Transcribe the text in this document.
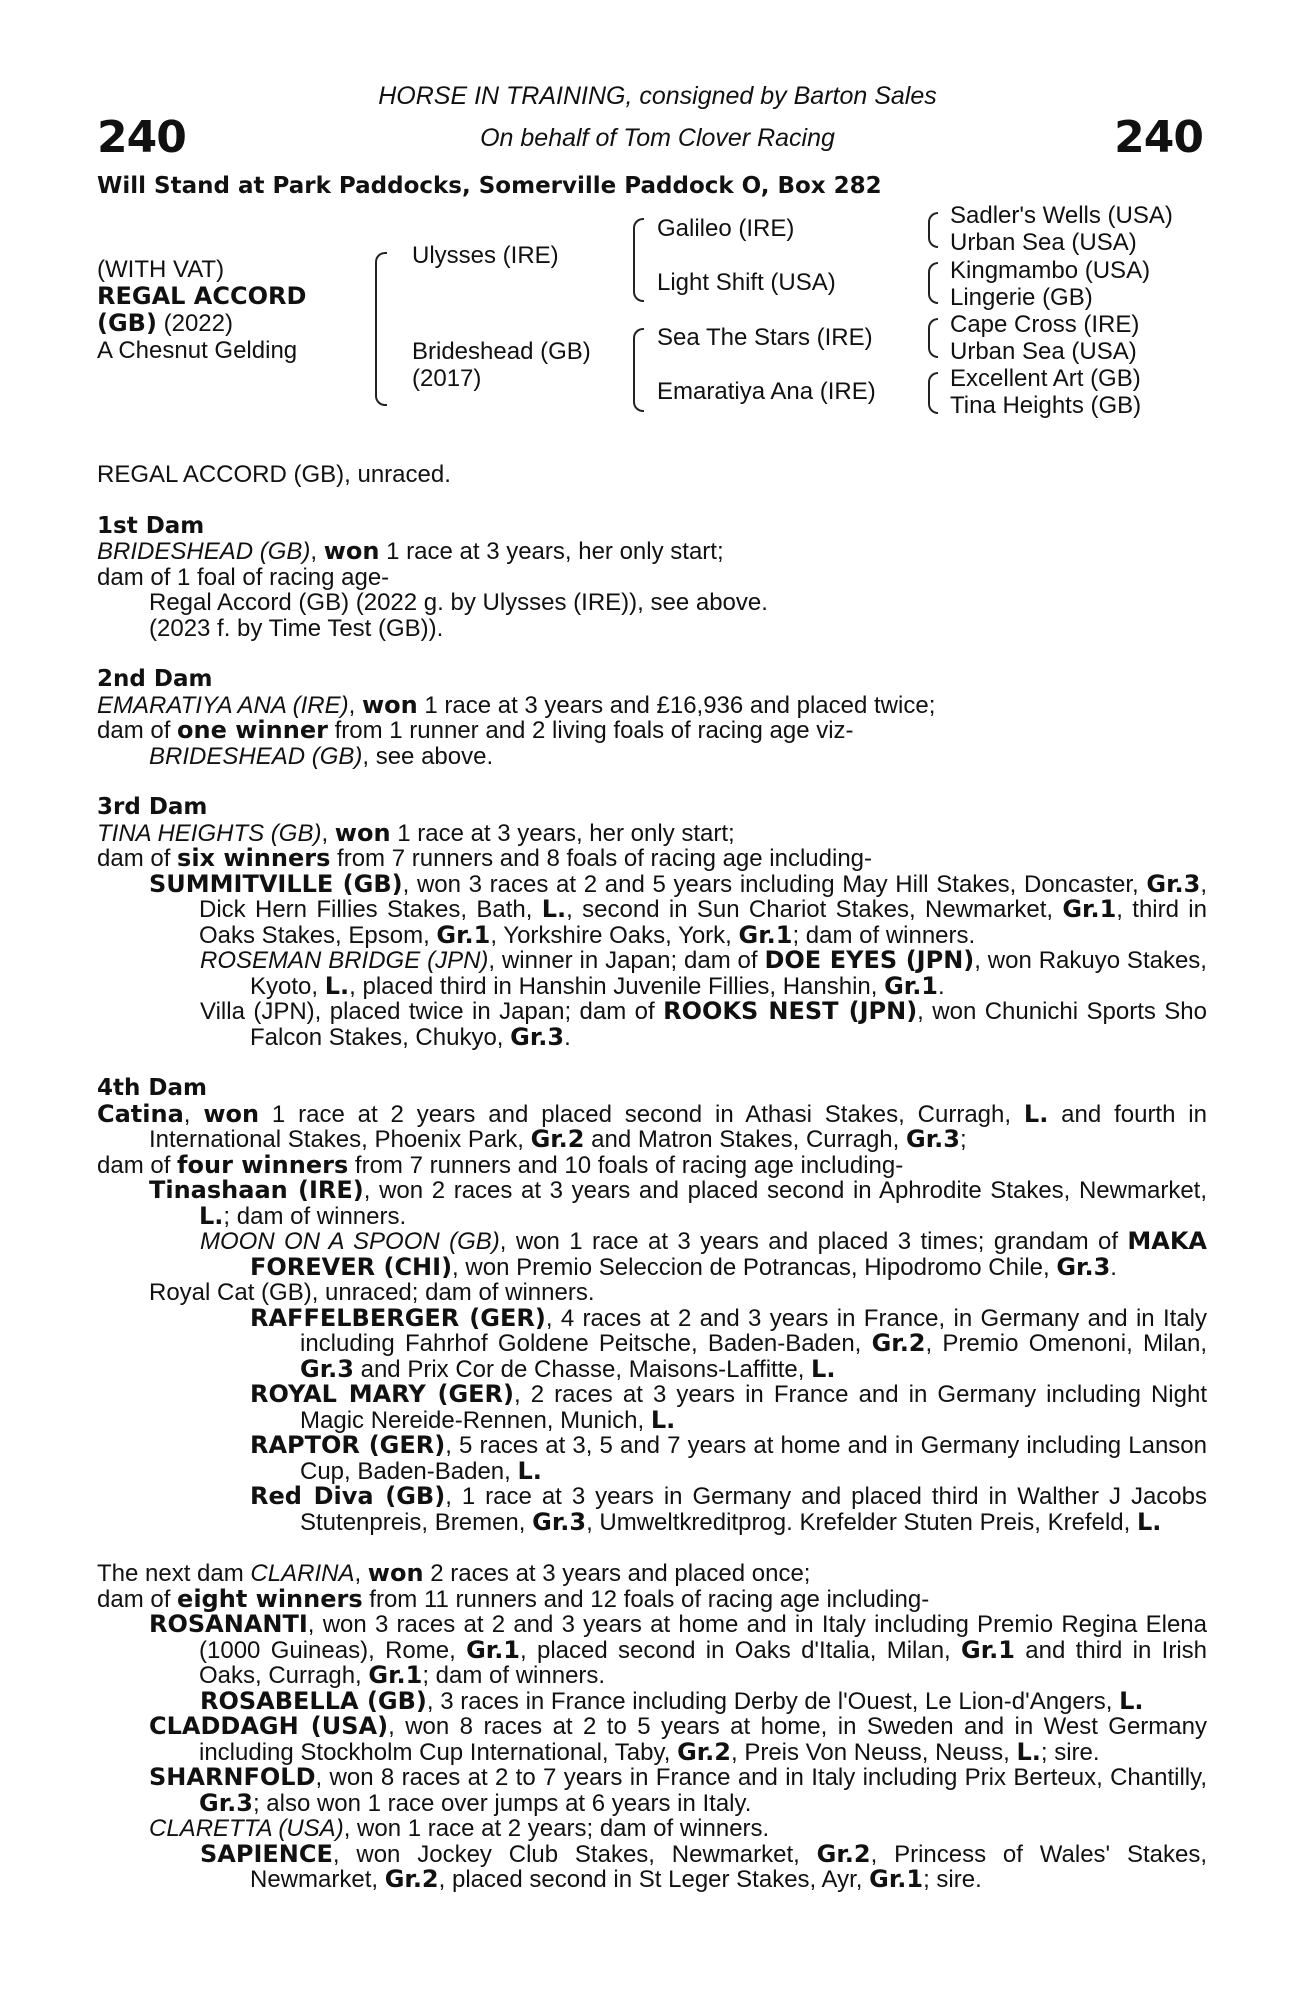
HORSE IN TRAINING, consigned by Barton Sales
On behalf of Tom Clover Racing
240	240
Will Stand at Park Paddocks, Somerville Paddock O, Box 282
(WITH VAT)
REGAL ACCORD
(GB) (2022)
A Chesnut Gelding
Ulysses (IRE)
Brideshead (GB)
(2017)
Galileo (IRE)
Light Shift (USA)
Sea The Stars (IRE)
Emaratiya Ana (IRE)
Sadler's Wells (USA)
Urban Sea (USA)
Kingmambo (USA)
Lingerie (GB)
Cape Cross (IRE)
Urban Sea (USA)
Excellent Art (GB)
Tina Heights (GB)

REGAL ACCORD (GB), unraced.

1st Dam

BRIDESHEAD (GB), won 1 race at 3 years, her only start;

dam of 1 foal of racing age-

Regal Accord (GB) (2022 g. by Ulysses (IRE)), see above.

(2023 f. by Time Test (GB)).

2nd Dam

EMARATIYA ANA (IRE), won 1 race at 3 years and £16,936 and placed twice;

dam of one winner from 1 runner and 2 living foals of racing age viz-

BRIDESHEAD (GB), see above.

3rd Dam

TINA HEIGHTS (GB), won 1 race at 3 years, her only start;

dam of six winners from 7 runners and 8 foals of racing age including-

SUMMITVILLE (GB), won 3 races at 2 and 5 years including May Hill Stakes, Doncaster, Gr.3, Dick Hern Fillies Stakes, Bath, L., second in Sun Chariot Stakes, Newmarket, Gr.1, third in Oaks Stakes, Epsom, Gr.1, Yorkshire Oaks, York, Gr.1; dam of winners.

ROSEMAN BRIDGE (JPN), winner in Japan; dam of DOE EYES (JPN), won Rakuyo Stakes, Kyoto, L., placed third in Hanshin Juvenile Fillies, Hanshin, Gr.1.

Villa (JPN), placed twice in Japan; dam of ROOKS NEST (JPN), won Chunichi Sports Sho Falcon Stakes, Chukyo, Gr.3.

4th Dam

Catina, won 1 race at 2 years and placed second in Athasi Stakes, Curragh, L. and fourth in International Stakes, Phoenix Park, Gr.2 and Matron Stakes, Curragh, Gr.3;

dam of four winners from 7 runners and 10 foals of racing age including-

Tinashaan (IRE), won 2 races at 3 years and placed second in Aphrodite Stakes, Newmarket, L.; dam of winners.

MOON ON A SPOON (GB), won 1 race at 3 years and placed 3 times; grandam of MAKA FOREVER (CHI), won Premio Seleccion de Potrancas, Hipodromo Chile, Gr.3.

Royal Cat (GB), unraced; dam of winners.

RAFFELBERGER (GER), 4 races at 2 and 3 years in France, in Germany and in Italy including Fahrhof Goldene Peitsche, Baden-Baden, Gr.2, Premio Omenoni, Milan, Gr.3 and Prix Cor de Chasse, Maisons-Laffitte, L.

ROYAL MARY (GER), 2 races at 3 years in France and in Germany including Night Magic Nereide-Rennen, Munich, L.

RAPTOR (GER), 5 races at 3, 5 and 7 years at home and in Germany including Lanson Cup, Baden-Baden, L.

Red Diva (GB), 1 race at 3 years in Germany and placed third in Walther J Jacobs Stutenpreis, Bremen, Gr.3, Umweltkreditprog. Krefelder Stuten Preis, Krefeld, L.

The next dam CLARINA, won 2 races at 3 years and placed once;

dam of eight winners from 11 runners and 12 foals of racing age including-

ROSANANTI, won 3 races at 2 and 3 years at home and in Italy including Premio Regina Elena (1000 Guineas), Rome, Gr.1, placed second in Oaks d'Italia, Milan, Gr.1 and third in Irish Oaks, Curragh, Gr.1; dam of winners.

ROSABELLA (GB), 3 races in France including Derby de l'Ouest, Le Lion-d'Angers, L.

CLADDAGH (USA), won 8 races at 2 to 5 years at home, in Sweden and in West Germany including Stockholm Cup International, Taby, Gr.2, Preis Von Neuss, Neuss, L.; sire.

SHARNFOLD, won 8 races at 2 to 7 years in France and in Italy including Prix Berteux, Chantilly, Gr.3; also won 1 race over jumps at 6 years in Italy.

CLARETTA (USA), won 1 race at 2 years; dam of winners.

SAPIENCE, won Jockey Club Stakes, Newmarket, Gr.2, Princess of Wales' Stakes, Newmarket, Gr.2, placed second in St Leger Stakes, Ayr, Gr.1; sire.
